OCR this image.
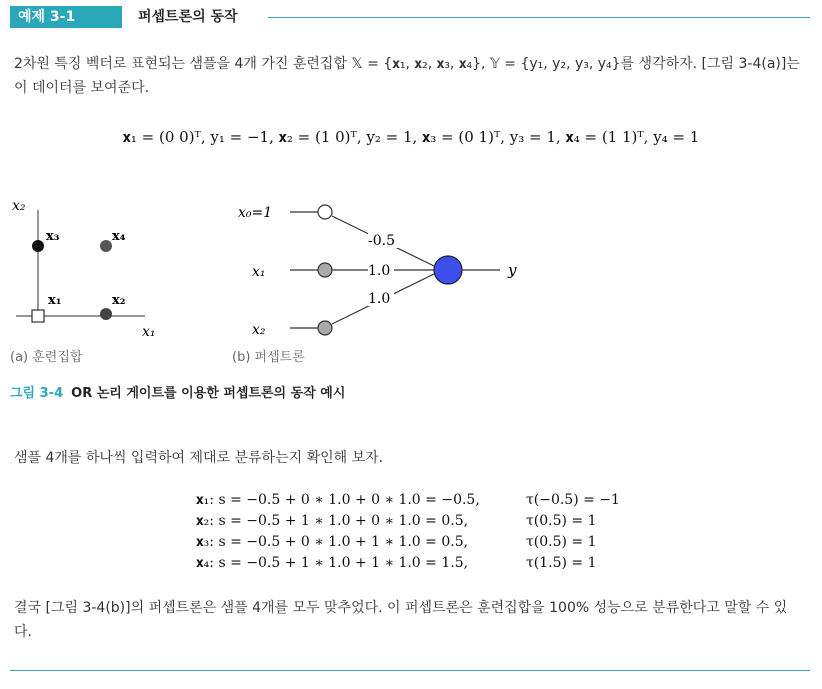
예제 3-1	퍼셉트론의 동작
2차원 특징 벡터로 표현되는 샘플을 4개 가진 훈련집합 𝕏 = {𝐱₁, 𝐱₂, 𝐱₃, 𝐱₄}, 𝕐 = {y₁, y₂, y₃, y₄}를 생각하자. [그림 3-4(a)]는 이 데이터를 보여준다.
𝐱₁ = (0 0)ᵀ, y₁ = −1, 𝐱₂ = (1 0)ᵀ, y₂ = 1, 𝐱₃ = (0 1)ᵀ, y₃ = 1, 𝐱₄ = (1 1)ᵀ, y₄ = 1
x₂
x₁
𝐱₁	𝐱₂
𝐱₃	𝐱₄
x₀=1
x₁
x₂
-0.5
1.0
1.0
y
(a) 훈련집합	(b) 퍼셉트론
그림 3-4 OR 논리 게이트를 이용한 퍼셉트론의 동작 예시
샘플 4개를 하나씩 입력하여 제대로 분류하는지 확인해 보자.
𝐱₁: s = −0.5 + 0 ∗ 1.0 + 0 ∗ 1.0 = −0.5,	τ(−0.5) = −1
𝐱₂: s = −0.5 + 1 ∗ 1.0 + 0 ∗ 1.0 = 0.5,	τ(0.5) = 1
𝐱₃: s = −0.5 + 0 ∗ 1.0 + 1 ∗ 1.0 = 0.5,	τ(0.5) = 1
𝐱₄: s = −0.5 + 1 ∗ 1.0 + 1 ∗ 1.0 = 1.5,	τ(1.5) = 1
결국 [그림 3-4(b)]의 퍼셉트론은 샘플 4개를 모두 맞추었다. 이 퍼셉트론은 훈련집합을 100% 성능으로 분류한다고 말할 수 있다.
